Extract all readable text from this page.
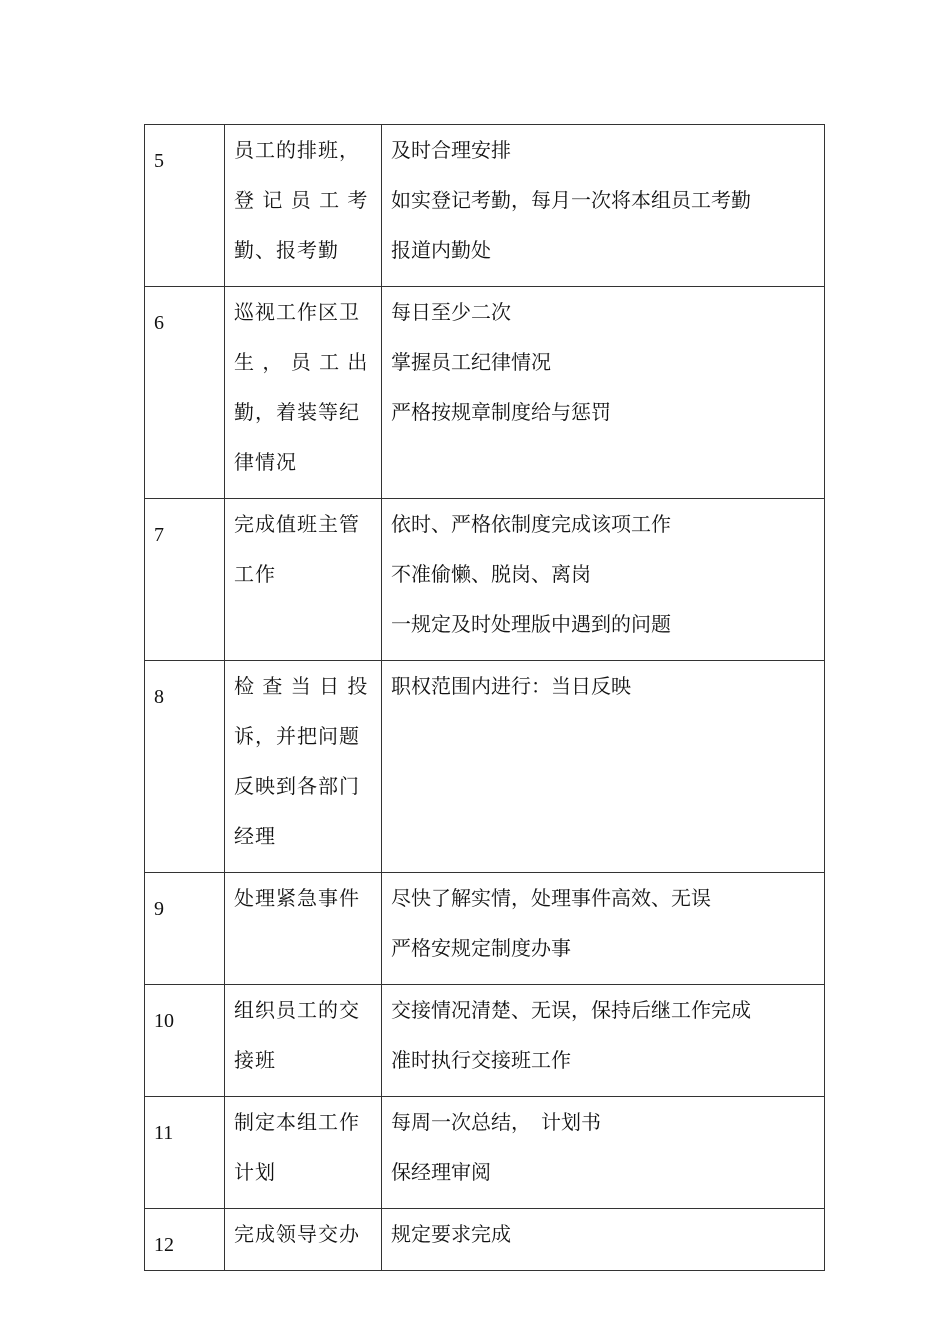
5	员工的排班，
登 记 员 工 考
勤、报考勤	及时合理安排
如实登记考勤，每月一次将本组员工考勤
报道内勤处

6	巡视工作区卫
生 ， 员 工 出
勤，着装等纪
律情况	每日至少二次
掌握员工纪律情况
严格按规章制度给与惩罚

7	完成值班主管
工作	依时、严格依制度完成该项工作
不准偷懒、脱岗、离岗
一规定及时处理版中遇到的问题

8	检 查 当 日 投
诉，并把问题
反映到各部门
经理	职权范围内进行：当日反映

9	处理紧急事件	尽快了解实情，处理事件高效、无误
严格安规定制度办事

10	组织员工的交
接班	交接情况清楚、无误，保持后继工作完成
准时执行交接班工作

11	制定本组工作
计划	每周一次总结，　计划书
保经理审阅

12	完成领导交办	规定要求完成
